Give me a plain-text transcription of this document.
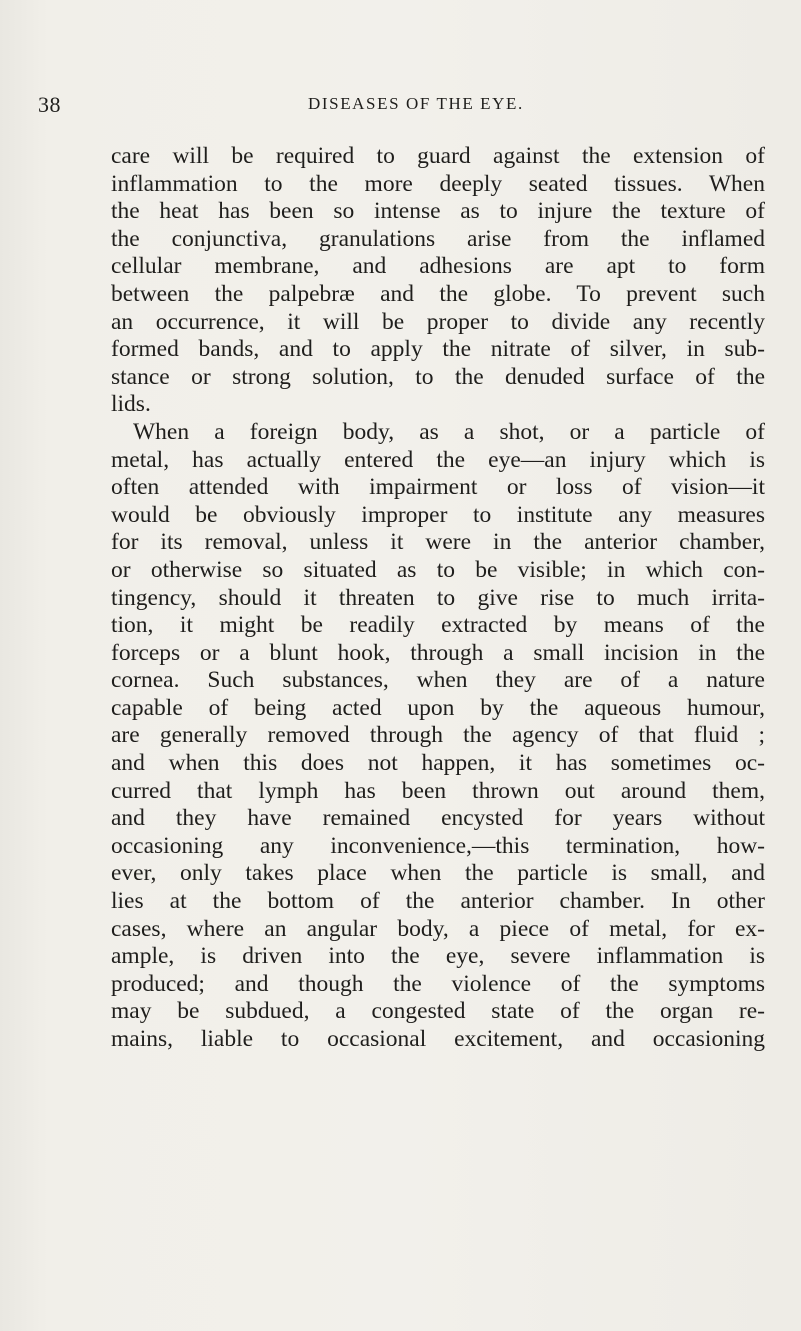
38	DISEASES OF THE EYE.
care will be required to guard against the extension of
inflammation to the more deeply seated tissues. When
the heat has been so intense as to injure the texture of
the conjunctiva, granulations arise from the inflamed
cellular membrane, and adhesions are apt to form
between the palpebræ and the globe. To prevent such
an occurrence, it will be proper to divide any recently
formed bands, and to apply the nitrate of silver, in sub-
stance or strong solution, to the denuded surface of the
lids.
When a foreign body, as a shot, or a particle of
metal, has actually entered the eye—an injury which is
often attended with impairment or loss of vision—it
would be obviously improper to institute any measures
for its removal, unless it were in the anterior chamber,
or otherwise so situated as to be visible; in which con-
tingency, should it threaten to give rise to much irrita-
tion, it might be readily extracted by means of the
forceps or a blunt hook, through a small incision in the
cornea. Such substances, when they are of a nature
capable of being acted upon by the aqueous humour,
are generally removed through the agency of that fluid ;
and when this does not happen, it has sometimes oc-
curred that lymph has been thrown out around them,
and they have remained encysted for years without
occasioning any inconvenience,—this termination, how-
ever, only takes place when the particle is small, and
lies at the bottom of the anterior chamber. In other
cases, where an angular body, a piece of metal, for ex-
ample, is driven into the eye, severe inflammation is
produced; and though the violence of the symptoms
may be subdued, a congested state of the organ re-
mains, liable to occasional excitement, and occasioning
